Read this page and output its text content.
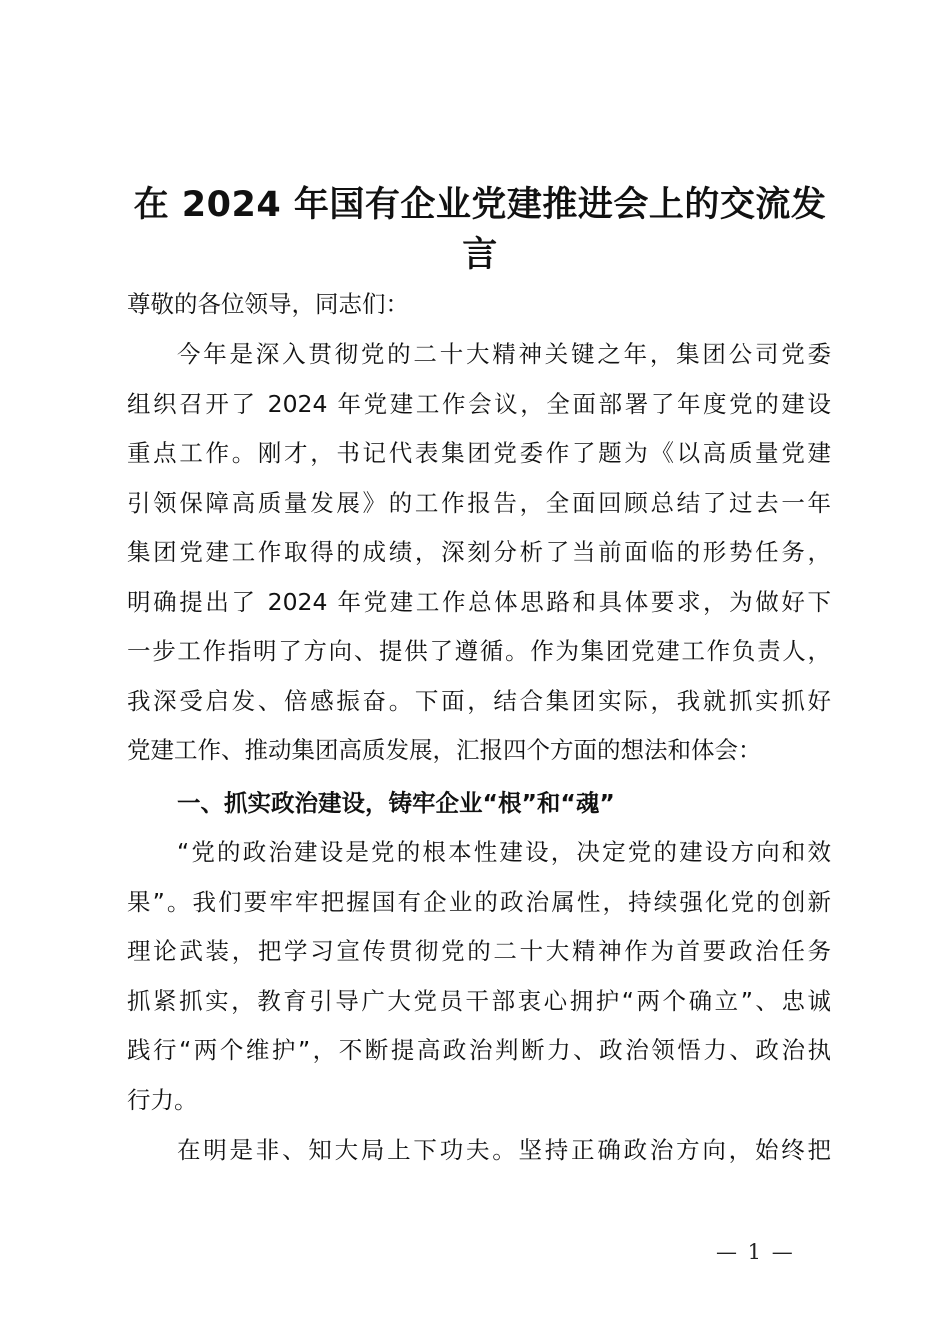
在 2024 年国有企业党建推进会上的交流发
言

尊敬的各位领导，同志们：

今年是深入贯彻党的二十大精神关键之年，集团公司党委
组织召开了 2024 年党建工作会议，全面部署了年度党的建设
重点工作。刚才，书记代表集团党委作了题为《以高质量党建
引领保障高质量发展》的工作报告，全面回顾总结了过去一年
集团党建工作取得的成绩，深刻分析了当前面临的形势任务，
明确提出了 2024 年党建工作总体思路和具体要求，为做好下
一步工作指明了方向、提供了遵循。作为集团党建工作负责人，
我深受启发、倍感振奋。下面，结合集团实际，我就抓实抓好
党建工作、推动集团高质发展，汇报四个方面的想法和体会：
一、抓实政治建设，铸牢企业“根”和“魂”
“党的政治建设是党的根本性建设，决定党的建设方向和效
果”。我们要牢牢把握国有企业的政治属性，持续强化党的创新
理论武装，把学习宣传贯彻党的二十大精神作为首要政治任务
抓紧抓实，教育引导广大党员干部衷心拥护“两个确立”、忠诚
践行“两个维护”，不断提高政治判断力、政治领悟力、政治执
行力。
在明是非、知大局上下功夫。坚持正确政治方向，始终把
— 1 —
